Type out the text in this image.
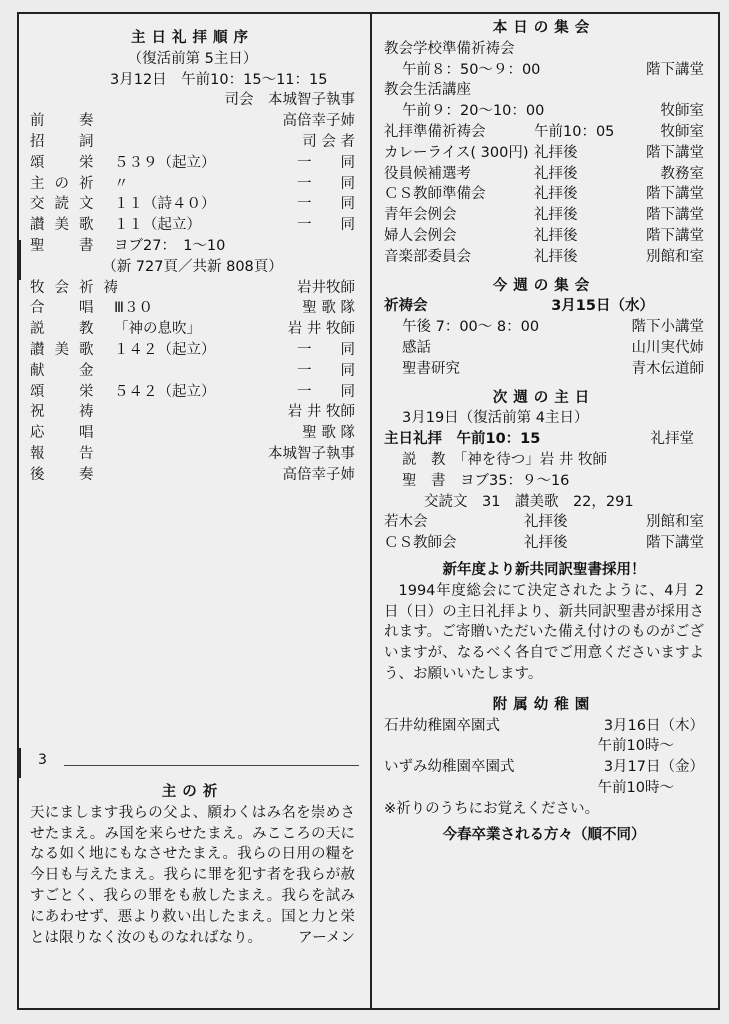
主日礼拝順序
（復活前第 5主日）
3月12日　午前10：15〜11：15
司会　本城智子執事
前　奏	高倍幸子姉
招　詞	司 会 者
頌　栄 ５３９（起立）	一　　同
主の祈 〃	一　　同
交読文 １１（詩４０）	一　　同
讃美歌 １１（起立）	一　　同
聖　書 ヨブ27：　1〜10
（新 727頁／共新 808頁）
牧会祈祷	岩井牧師
合　唱 Ⅲ３０	聖 歌 隊
説　教 「神の息吹」	岩 井 牧師
讃美歌 １４２（起立）	一　　同
献　金	一　　同
頌　栄 ５４２（起立）	一　　同
祝　祷	岩 井 牧師
応　唱	聖 歌 隊
報　告	本城智子執事
後　奏	高倍幸子姉
3
主の祈

天にまします我らの父よ、願わくはみ名を崇めさせたまえ。み国を来らせたまえ。みこころの天になる如く地にもなさせたまえ。我らの日用の糧を今日も与えたまえ。我らに罪を犯す者を我らが赦すごとく、我らの罪をも赦したまえ。我らを試みにあわせず、悪より救い出したまえ。国と力と栄とは限りなく汝のものなればなり。	アーメン
本日の集会
教会学校準備祈祷会
午前８：50〜９：00	階下講堂
教会生活講座
午前９：20〜10：00	牧師室
礼拝準備祈祷会	午前10：05	牧師室
カレーライス( 300円) 礼拝後	階下講堂
役員候補選考	礼拝後	教務室
ＣＳ教師準備会	礼拝後	階下講堂
青年会例会	礼拝後	階下講堂
婦人会例会	礼拝後	階下講堂
音楽部委員会	礼拝後	別館和室
今週の集会
祈祷会	3月15日（水）
午後 7：00〜 8：00	階下小講堂
感話	山川実代姉
聖書研究	青木伝道師
次週の主日
3月19日（復活前第 4主日）
主日礼拝　午前10：15	礼拝堂
説　教　「神を待つ」岩 井 牧師
聖　書　ヨブ35：９〜16
交読文　31　讃美歌　22，291
若木会	礼拝後	別館和室
ＣＳ教師会	礼拝後	階下講堂
新年度より新共同訳聖書採用！

1994年度総会にて決定されたように、4月 2日（日）の主日礼拝より、新共同訳聖書が採用されます。ご寄贈いただいた備え付けのものがございますが、なるべく各自でご用意くださいますよう、お願いいたします。

附属幼稚園
石井幼稚園卒園式	3月16日（木）
午前10時〜
いずみ幼稚園卒園式	3月17日（金）
午前10時〜
※祈りのうちにお覚えください。
今春卒業される方々（順不同）
